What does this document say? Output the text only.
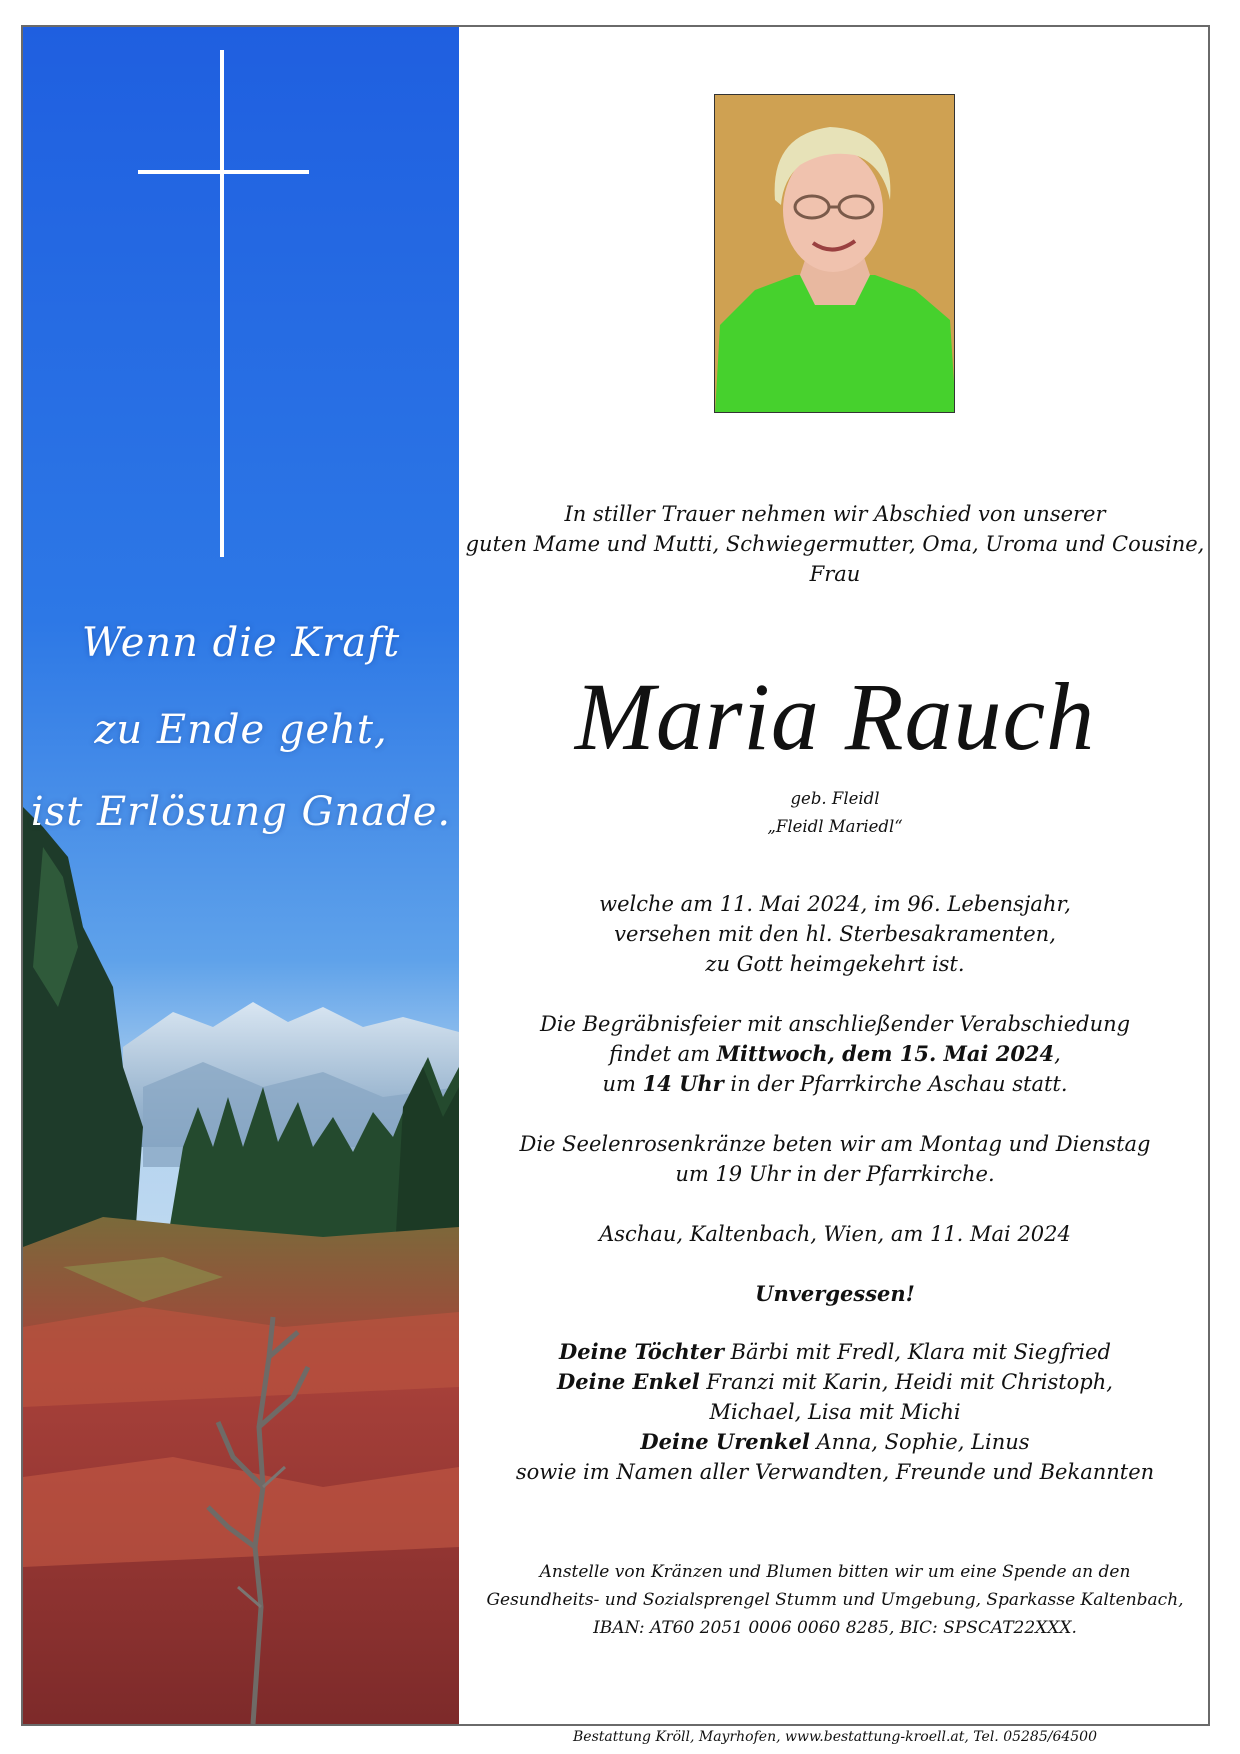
Wenn die Kraft
zu Ende geht,
ist Erlösung Gnade.
In stiller Trauer nehmen wir Abschied von unserer
guten Mame und Mutti, Schwiegermutter, Oma, Uroma und Cousine,
Frau
Maria Rauch
geb. Fleidl
„Fleidl Mariedl“
welche am 11. Mai 2024, im 96. Lebensjahr,
versehen mit den hl. Sterbesakramenten,
zu Gott heimgekehrt ist.
Die Begräbnisfeier mit anschließender Verabschiedung
findet am Mittwoch, dem 15. Mai 2024,
um 14 Uhr in der Pfarrkirche Aschau statt.
Die Seelenrosenkränze beten wir am Montag und Dienstag
um 19 Uhr in der Pfarrkirche.
Aschau, Kaltenbach, Wien, am 11. Mai 2024
Unvergessen!
Deine Töchter Bärbi mit Fredl, Klara mit Siegfried
Deine Enkel Franzi mit Karin, Heidi mit Christoph,
Michael, Lisa mit Michi
Deine Urenkel Anna, Sophie, Linus
sowie im Namen aller Verwandten, Freunde und Bekannten
Anstelle von Kränzen und Blumen bitten wir um eine Spende an den
Gesundheits- und Sozialsprengel Stumm und Umgebung, Sparkasse Kaltenbach,
IBAN: AT60 2051 0006 0060 8285, BIC: SPSCAT22XXX.
Bestattung Kröll, Mayrhofen, www.bestattung-kroell.at, Tel. 05285/64500
